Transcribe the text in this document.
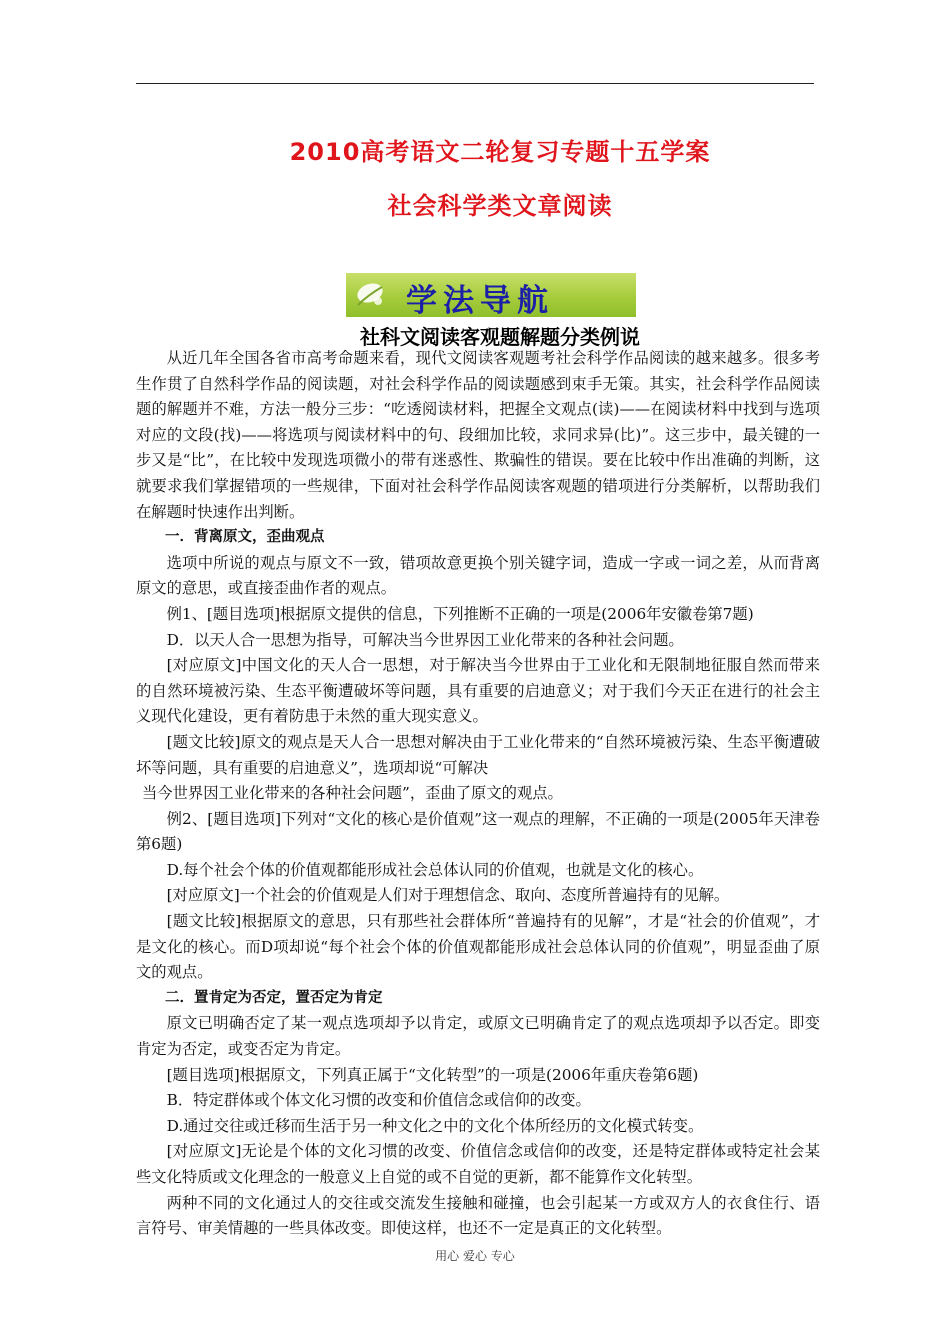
2010高考语文二轮复习专题十五学案
社会科学类文章阅读
学法导航
社科文阅读客观题解题分类例说

从近几年全国各省市高考命题来看，现代文阅读客观题考社会科学作品阅读的越来越多。很多考生作贯了自然科学作品的阅读题，对社会科学作品的阅读题感到束手无策。其实，社会科学作品阅读题的解题并不难，方法一般分三步：“吃透阅读材料，把握全文观点(读)——在阅读材料中找到与选项对应的文段(找)——将选项与阅读材料中的句、段细加比较，求同求异(比)”。这三步中，最关键的一步又是“比”，在比较中发现选项微小的带有迷惑性、欺骗性的错误。要在比较中作出准确的判断，这就要求我们掌握错项的一些规律，下面对社会科学作品阅读客观题的错项进行分类解析，以帮助我们在解题时快速作出判断。

一．背离原文，歪曲观点

选项中所说的观点与原文不一致，错项故意更换个别关键字词，造成一字或一词之差，从而背离原文的意思，或直接歪曲作者的观点。

例1、[题目选项]根据原文提供的信息，下列推断不正确的一项是(2006年安徽卷第7题)

D．以天人合一思想为指导，可解决当今世界因工业化带来的各种社会问题。

[对应原文]中国文化的天人合一思想，对于解决当今世界由于工业化和无限制地征服自然而带来的自然环境被污染、生态平衡遭破坏等问题，具有重要的启迪意义；对于我们今天正在进行的社会主义现代化建设，更有着防患于未然的重大现实意义。

[题文比较]原文的观点是天人合一思想对解决由于工业化带来的“自然环境被污染、生态平衡遭破坏等问题，具有重要的启迪意义”，选项却说“可解决

当今世界因工业化带来的各种社会问题”，歪曲了原文的观点。

例2、[题目选项]下列对“文化的核心是价值观”这一观点的理解，不正确的一项是(2005年天津卷第6题)

D.每个社会个体的价值观都能形成社会总体认同的价值观，也就是文化的核心。

[对应原文]一个社会的价值观是人们对于理想信念、取向、态度所普遍持有的见解。

[题文比较]根据原文的意思，只有那些社会群体所“普遍持有的见解”，才是“社会的价值观”，才是文化的核心。而D项却说“每个社会个体的价值观都能形成社会总体认同的价值观”，明显歪曲了原文的观点。

二．置肯定为否定，置否定为肯定

原文已明确否定了某一观点选项却予以肯定，或原文已明确肯定了的观点选项却予以否定。即变肯定为否定，或变否定为肯定。

[题目选项]根据原文，下列真正属于“文化转型”的一项是(2006年重庆卷第6题)

B．特定群体或个体文化习惯的改变和价值信念或信仰的改变。

D.通过交往或迁移而生活于另一种文化之中的文化个体所经历的文化模式转变。

[对应原文]无论是个体的文化习惯的改变、价值信念或信仰的改变，还是特定群体或特定社会某些文化特质或文化理念的一般意义上自觉的或不自觉的更新，都不能算作文化转型。

两种不同的文化通过人的交往或交流发生接触和碰撞，也会引起某一方或双方人的衣食住行、语言符号、审美情趣的一些具体改变。即使这样，也还不一定是真正的文化转型。

用心 爱心 专心
